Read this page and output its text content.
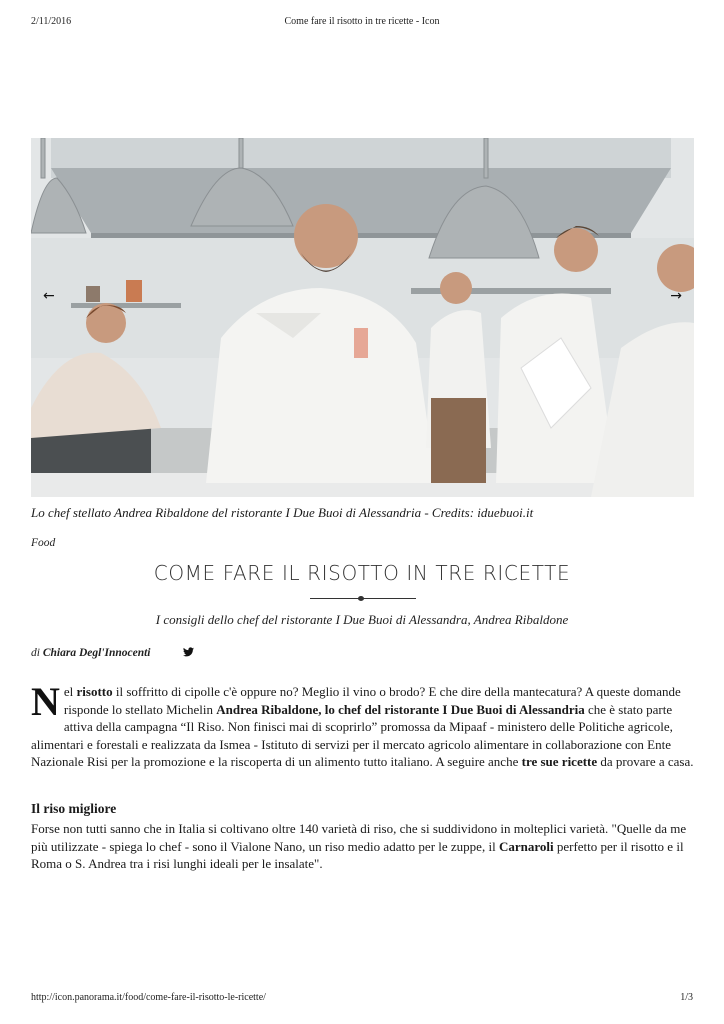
2/11/2016	Come fare il risotto in tre ricette - Icon
←	→
Lo chef stellato Andrea Ribaldone del ristorante I Due Buoi di Alessandria - Credits: iduebuoi.it
Food
COME FARE IL RISOTTO IN TRE RICETTE
I consigli dello chef del ristorante I Due Buoi di Alessandra, Andrea Ribaldone
di Chiara Degl'Innocenti
Nel risotto il soffritto di cipolle c'è oppure no? Meglio il vino o brodo? E che dire della mantecatura? A queste domande risponde lo stellato Michelin Andrea Ribaldone, lo chef del ristorante I Due Buoi di Alessandria che è stato parte attiva della campagna “Il Riso. Non finisci mai di scoprirlo” promossa da Mipaaf - ministero delle Politiche agricole, alimentari e forestali e realizzata da Ismea - Istituto di servizi per il mercato agricolo alimentare in collaborazione con Ente Nazionale Risi per la promozione e la riscoperta di un alimento tutto italiano. A seguire anche tre sue ricette da provare a casa.
Il riso migliore
Forse non tutti sanno che in Italia si coltivano oltre 140 varietà di riso, che si suddividono in molteplici varietà. "Quelle da me più utilizzate - spiega lo chef - sono il Vialone Nano, un riso medio adatto per le zuppe, il Carnaroli perfetto per il risotto e il Roma o S. Andrea tra i risi lunghi ideali per le insalate".
http://icon.panorama.it/food/come-fare-il-risotto-le-ricette/	1/3
